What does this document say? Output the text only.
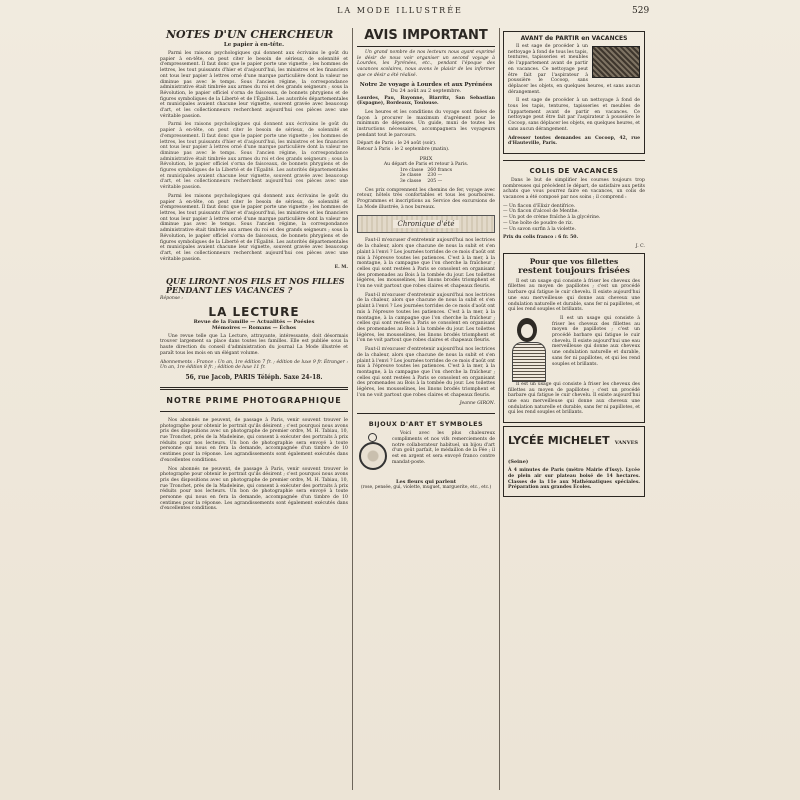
LA MODE ILLUSTRÉE	529
NOTES D'UN CHERCHEUR
Le papier à en-tête.

Parmi les raisons psychologiques qui donnent aux écrivains le goût du papier à en-tête, on peut citer le besoin de sérieux, de solennité et d'empressement. Il faut donc que le papier porte une vignette ; les hommes de lettres, les tout puissants d'hier et d'aujourd'hui, les ministres et les financiers ont tous leur papier à lettres orné d'une marque particulière dont la valeur ne diminue pas avec le temps. Sous l'ancien régime, la correspondance administrative était timbrée aux armes du roi et des grands seigneurs ; sous la Révolution, le papier officiel s'orna de faisceaux, de bonnets phrygiens et de figures symboliques de la Liberté et de l'Égalité. Les autorités départementales et municipales avaient chacune leur vignette, souvent gravée avec beaucoup d'art, et les collectionneurs recherchent aujourd'hui ces pièces avec une véritable passion.

Parmi les raisons psychologiques qui donnent aux écrivains le goût du papier à en-tête, on peut citer le besoin de sérieux, de solennité et d'empressement. Il faut donc que le papier porte une vignette ; les hommes de lettres, les tout puissants d'hier et d'aujourd'hui, les ministres et les financiers ont tous leur papier à lettres orné d'une marque particulière dont la valeur ne diminue pas avec le temps. Sous l'ancien régime, la correspondance administrative était timbrée aux armes du roi et des grands seigneurs ; sous la Révolution, le papier officiel s'orna de faisceaux, de bonnets phrygiens et de figures symboliques de la Liberté et de l'Égalité. Les autorités départementales et municipales avaient chacune leur vignette, souvent gravée avec beaucoup d'art, et les collectionneurs recherchent aujourd'hui ces pièces avec une véritable passion.

Parmi les raisons psychologiques qui donnent aux écrivains le goût du papier à en-tête, on peut citer le besoin de sérieux, de solennité et d'empressement. Il faut donc que le papier porte une vignette ; les hommes de lettres, les tout puissants d'hier et d'aujourd'hui, les ministres et les financiers ont tous leur papier à lettres orné d'une marque particulière dont la valeur ne diminue pas avec le temps. Sous l'ancien régime, la correspondance administrative était timbrée aux armes du roi et des grands seigneurs ; sous la Révolution, le papier officiel s'orna de faisceaux, de bonnets phrygiens et de figures symboliques de la Liberté et de l'Égalité. Les autorités départementales et municipales avaient chacune leur vignette, souvent gravée avec beaucoup d'art, et les collectionneurs recherchent aujourd'hui ces pièces avec une véritable passion.

E. M.
QUE LIRONT NOS FILS ET NOS FILLES PENDANT LES VACANCES ?
Réponse :
LA LECTURE
Revue de la Famille — Actualités — Poésies
Mémoires — Romans — Échos

Une revue telle que La Lecture, attrayante, intéressante, doit désormais trouver largement sa place dans toutes les familles. Elle est publiée sous la haute direction du conseil d'administration du journal La Mode illustrée et paraît tous les mois en un élégant volume.

Abonnements : France : Un an, 1re édition 7 fr. ; édition de luxe 9 fr. Étranger : Un an, 1re édition 8 fr. ; édition de luxe 11 fr.

56, rue Jacob, PARIS Téléph. Saxe 24-18.
NOTRE PRIME PHOTOGRAPHIQUE

Nos abonnés ne peuvent, de passage à Paris, venir souvent trouver le photographe pour obtenir le portrait qu'ils désirent ; c'est pourquoi nous avons pris des dispositions avec un photographe de premier ordre, M. H. Tabiau, 10, rue Tronchet, près de la Madeleine, qui consent à exécuter des portraits à prix réduits pour nos lecteurs. Un bon de photographie sera envoyé à toute personne qui nous en fera la demande, accompagnée d'un timbre de 10 centimes pour la réponse. Les agrandissements sont également exécutés dans d'excellentes conditions.

Nos abonnés ne peuvent, de passage à Paris, venir souvent trouver le photographe pour obtenir le portrait qu'ils désirent ; c'est pourquoi nous avons pris des dispositions avec un photographe de premier ordre, M. H. Tabiau, 10, rue Tronchet, près de la Madeleine, qui consent à exécuter des portraits à prix réduits pour nos lecteurs. Un bon de photographie sera envoyé à toute personne qui nous en fera la demande, accompagnée d'un timbre de 10 centimes pour la réponse. Les agrandissements sont également exécutés dans d'excellentes conditions.

AVIS IMPORTANT

Un grand nombre de nos lecteurs nous ayant exprimé le désir de nous voir organiser un second voyage à Lourdes, les Pyrénées, etc., pendant l'époque des vacances scolaires, nous avons le plaisir de les informer que ce désir a été réalisé.

Notre 2e voyage à Lourdes et aux Pyrénées
Du 24 août au 2 septembre.

Lourdes, Pau, Bayonne, Biarritz, San Sebastian (Espagne), Bordeaux, Toulouse.

Les heures et les conditions du voyage sont fixées de façon à procurer le maximum d'agrément pour le minimum de dépenses. Un guide, muni de toutes les instructions nécessaires, accompagnera les voyageurs pendant tout le parcours.

Départ de Paris : le 24 août (soir).
Retour à Paris : le 2 septembre (matin).
PRIX
Au départ de Paris et retour à Paris.
1re classe	260 francs
2e classe	230 —
3e classe	205 —

Ces prix comprennent les chemins de fer, voyage avec retour, hôtels très confortables et tous les pourboires. Programmes et inscriptions au Service des excursions de La Mode illustrée, à nos bureaux.

Chronique d'été

Faut-il m'excuser d'entretenir aujourd'hui nos lectrices de la chaleur, alors que chacune de nous la subit et s'en plaint à l'envi ? Les journées torrides de ce mois d'août ont mis à l'épreuve toutes les patiences. C'est à la mer, à la montagne, à la campagne que l'on cherche la fraîcheur ; celles qui sont restées à Paris se consolent en organisant des promenades au Bois à la tombée du jour. Les toilettes légères, les mousselines, les linons brodés triomphent et l'on ne voit partout que robes claires et chapeaux fleuris.

Faut-il m'excuser d'entretenir aujourd'hui nos lectrices de la chaleur, alors que chacune de nous la subit et s'en plaint à l'envi ? Les journées torrides de ce mois d'août ont mis à l'épreuve toutes les patiences. C'est à la mer, à la montagne, à la campagne que l'on cherche la fraîcheur ; celles qui sont restées à Paris se consolent en organisant des promenades au Bois à la tombée du jour. Les toilettes légères, les mousselines, les linons brodés triomphent et l'on ne voit partout que robes claires et chapeaux fleuris.

Faut-il m'excuser d'entretenir aujourd'hui nos lectrices de la chaleur, alors que chacune de nous la subit et s'en plaint à l'envi ? Les journées torrides de ce mois d'août ont mis à l'épreuve toutes les patiences. C'est à la mer, à la montagne, à la campagne que l'on cherche la fraîcheur ; celles qui sont restées à Paris se consolent en organisant des promenades au Bois à la tombée du jour. Les toilettes légères, les mousselines, les linons brodés triomphent et l'on ne voit partout que robes claires et chapeaux fleuris.

Jeanne GIRON.
BIJOUX D'ART ET SYMBOLES

Voici avec les plus chaleureux compliments et nos vifs remerciements de notre collaborateur habituel, un bijou d'art d'un goût parfait, le médaillon de la Fée ; il est en argent et sera envoyé franco contre mandat-poste.

Les fleurs qui parlent
(rose, pensée, gui, violette, muguet, marguerite, etc., etc.)
AVANT de PARTIR en VACANCES

Il est sage de procéder à un nettoyage à fond de tous les tapis, tentures, tapisseries et meubles de l'appartement avant de partir en vacances. Ce nettoyage peut être fait par l'aspirateur à poussière le Cocoop, sans déplacer les objets, en quelques heures, et sans aucun dérangement.

Il est sage de procéder à un nettoyage à fond de tous les tapis, tentures, tapisseries et meubles de l'appartement avant de partir en vacances. Ce nettoyage peut être fait par l'aspirateur à poussière le Cocoop, sans déplacer les objets, en quelques heures, et sans aucun dérangement.

Adresser toutes demandes au Cocoop, 42, rue d'Hauteville, Paris.

COLIS DE VACANCES

Dans le but de simplifier les courses toujours trop nombreuses qui précèdent le départ, de satisfaire aux petits achats que vous pourrez faire en vacances, un colis de vacances a été composé par nos soins ; il comprend :

— Un flacon d'Elixir dentifrice.
— Un flacon d'alcool de Menthe.
— Un pot de crème fraîche à la glycérine.
— Une boîte de poudre de riz.
— Un savon surfin à la violette.

Prix du colis franco : 6 fr. 50.

J. C.
Pour que vos fillettes
restent toujours frisées

Il est un usage qui consiste à friser les cheveux des fillettes au moyen de papillotes ; c'est un procédé barbare qui fatigue le cuir chevelu. Il existe aujourd'hui une eau merveilleuse qui donne aux cheveux une ondulation naturelle et durable, sans fer ni papillotes, et qui les rend souples et brillants.

Il est un usage qui consiste à friser les cheveux des fillettes au moyen de papillotes ; c'est un procédé barbare qui fatigue le cuir chevelu. Il existe aujourd'hui une eau merveilleuse qui donne aux cheveux une ondulation naturelle et durable, sans fer ni papillotes, et qui les rend souples et brillants.

Il est un usage qui consiste à friser les cheveux des fillettes au moyen de papillotes ; c'est un procédé barbare qui fatigue le cuir chevelu. Il existe aujourd'hui une eau merveilleuse qui donne aux cheveux une ondulation naturelle et durable, sans fer ni papillotes, et qui les rend souples et brillants.

LYCÉE MICHELET VANVES (Seine)

À 4 minutes de Paris (métro Mairie d'Issy). Lycée de plein air sur plateau boisé de 14 hectares. Classes de la 11e aux Mathématiques spéciales. Préparation aux grandes Écoles.
